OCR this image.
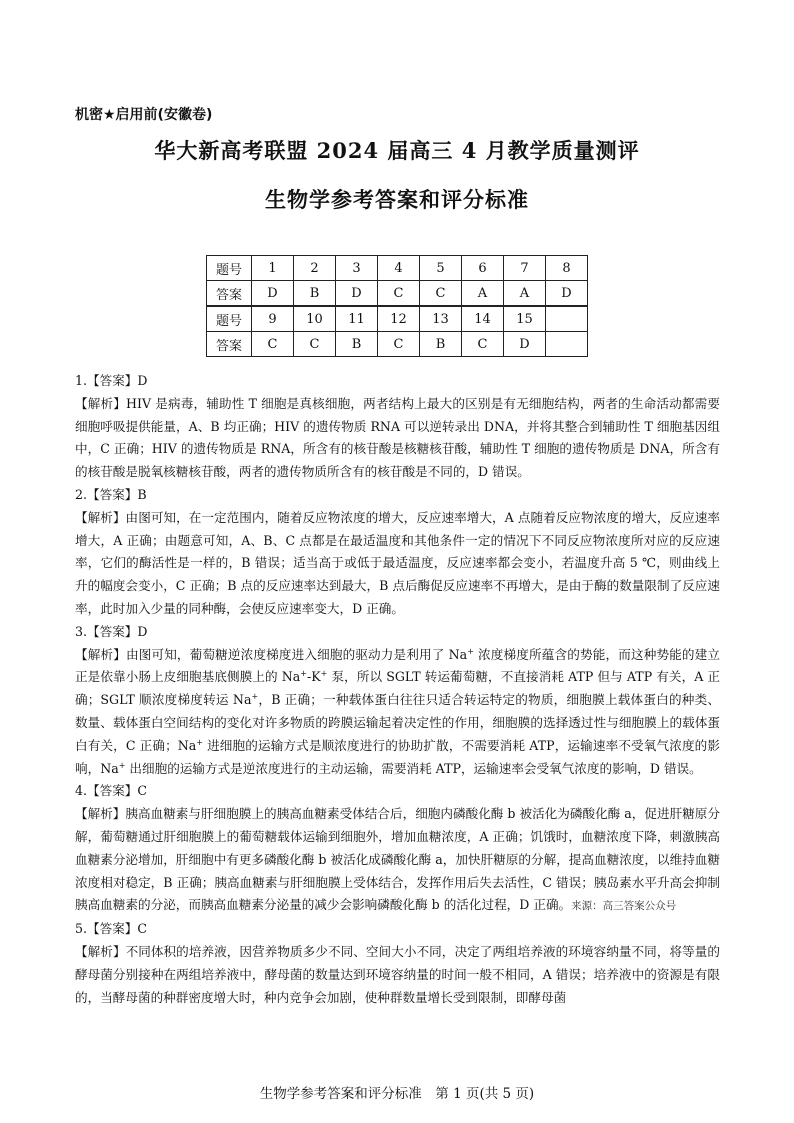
机密★启用前(安徽卷)
华大新高考联盟 2024 届高三 4 月教学质量测评
生物学参考答案和评分标准
题号	1	2	3	4	5	6	7	8
答案	D	B	D	C	C	A	A	D
题号	9	10	11	12	13	14	15	
答案	C	C	B	C	B	C	D	
1.【答案】D
【解析】HIV 是病毒，辅助性 T 细胞是真核细胞，两者结构上最大的区别是有无细胞结构，两者的生命活动都需要细胞呼吸提供能量，A、B 均正确；HIV 的遗传物质 RNA 可以逆转录出 DNA，并将其整合到辅助性 T 细胞基因组中，C 正确；HIV 的遗传物质是 RNA，所含有的核苷酸是核糖核苷酸，辅助性 T 细胞的遗传物质是 DNA，所含有的核苷酸是脱氧核糖核苷酸，两者的遗传物质所含有的核苷酸是不同的，D 错误。
2.【答案】B
【解析】由图可知，在一定范围内，随着反应物浓度的增大，反应速率增大，A 点随着反应物浓度的增大，反应速率增大，A 正确；由题意可知，A、B、C 点都是在最适温度和其他条件一定的情况下不同反应物浓度所对应的反应速率，它们的酶活性是一样的，B 错误；适当高于或低于最适温度，反应速率都会变小，若温度升高 5 ℃，则曲线上升的幅度会变小，C 正确；B 点的反应速率达到最大，B 点后酶促反应速率不再增大，是由于酶的数量限制了反应速率，此时加入少量的同种酶，会使反应速率变大，D 正确。
3.【答案】D
【解析】由图可知，葡萄糖逆浓度梯度进入细胞的驱动力是利用了 Na+ 浓度梯度所蕴含的势能，而这种势能的建立正是依靠小肠上皮细胞基底侧膜上的 Na+-K+ 泵，所以 SGLT 转运葡萄糖，不直接消耗 ATP 但与 ATP 有关，A 正确；SGLT 顺浓度梯度转运 Na+，B 正确；一种载体蛋白往往只适合转运特定的物质，细胞膜上载体蛋白的种类、数量、载体蛋白空间结构的变化对许多物质的跨膜运输起着决定性的作用，细胞膜的选择透过性与细胞膜上的载体蛋白有关，C 正确；Na+ 进细胞的运输方式是顺浓度进行的协助扩散，不需要消耗 ATP，运输速率不受氧气浓度的影响，Na+ 出细胞的运输方式是逆浓度进行的主动运输，需要消耗 ATP，运输速率会受氧气浓度的影响，D 错误。
4.【答案】C
【解析】胰高血糖素与肝细胞膜上的胰高血糖素受体结合后，细胞内磷酸化酶 b 被活化为磷酸化酶 a，促进肝糖原分解，葡萄糖通过肝细胞膜上的葡萄糖载体运输到细胞外，增加血糖浓度，A 正确；饥饿时，血糖浓度下降，刺激胰高血糖素分泌增加，肝细胞中有更多磷酸化酶 b 被活化成磷酸化酶 a，加快肝糖原的分解，提高血糖浓度，以维持血糖浓度相对稳定，B 正确；胰高血糖素与肝细胞膜上受体结合，发挥作用后失去活性，C 错误；胰岛素水平升高会抑制胰高血糖素的分泌，而胰高血糖素分泌量的减少会影响磷酸化酶 b 的活化过程，D 正确。来源：高三答案公众号
5.【答案】C
【解析】不同体积的培养液，因营养物质多少不同、空间大小不同，决定了两组培养液的环境容纳量不同，将等量的酵母菌分别接种在两组培养液中，酵母菌的数量达到环境容纳量的时间一般不相同，A 错误；培养液中的资源是有限的，当酵母菌的种群密度增大时，种内竞争会加剧，使种群数量增长受到限制，即酵母菌
生物学参考答案和评分标准　第 1 页(共 5 页)
